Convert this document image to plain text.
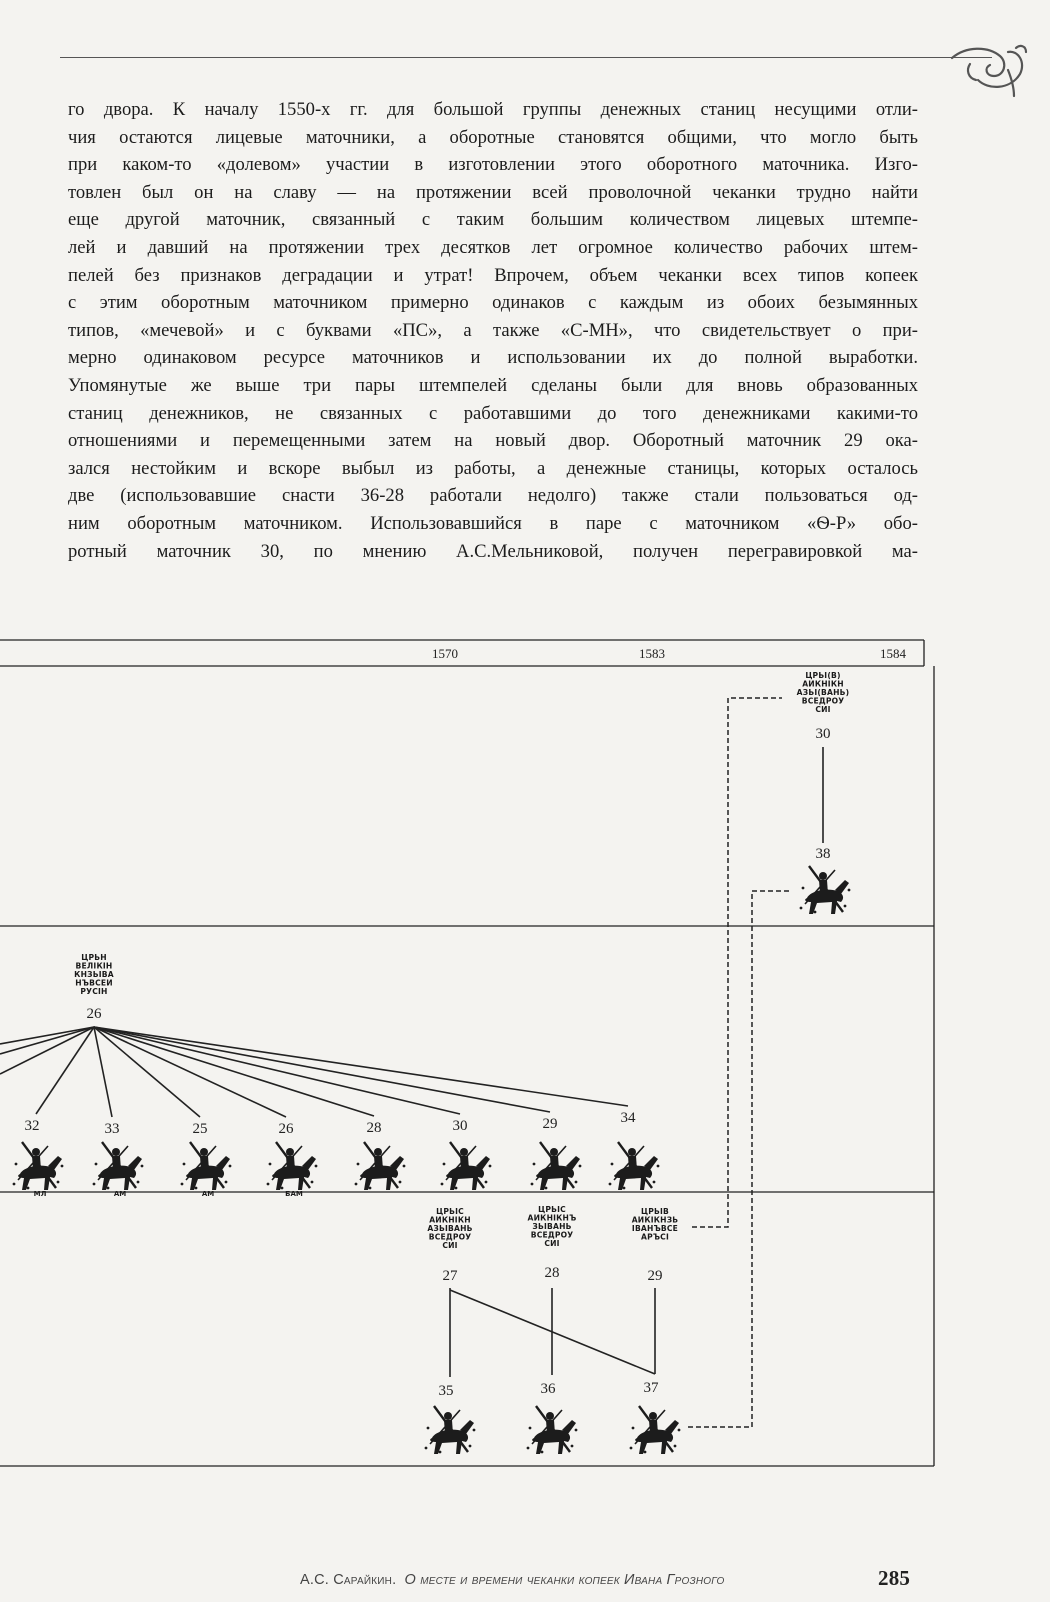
го двора. К началу 1550-х гг. для большой группы денежных станиц несущими отли-
чия остаются лицевые маточники, а оборотные становятся общими, что могло быть
при каком-то «долевом» участии в изготовлении этого оборотного маточника. Изго-
товлен был он на славу — на протяжении всей проволочной чеканки трудно найти
еще другой маточник, связанный с таким большим количеством лицевых штемпе-
лей и давший на протяжении трех десятков лет огромное количество рабочих штем-
пелей без признаков деградации и утрат! Впрочем, объем чеканки всех типов копеек
с этим оборотным маточником примерно одинаков с каждым из обоих безымянных
типов, «мечевой» и с буквами «ПС», а также «С-МН», что свидетельствует о при-
мерно одинаковом ресурсе маточников и использовании их до полной выработки.
Упомянутые же выше три пары штемпелей сделаны были для вновь образованных
станиц денежников, не связанных с работавшими до того денежниками какими-то
отношениями и перемещенными затем на новый двор. Оборотный маточник 29 ока-
зался нестойким и вскоре выбыл из работы, а денежные станицы, которых осталось
две (использовавшие снасти 36-28 работали недолго) также стали пользоваться од-
ним оборотным маточником. Использовавшийся в паре с маточником «Ѳ-Р» обо-
ротный маточник 30, по мнению А.С.Мельниковой, получен перегравировкой ма-
1570	1583	1584
ЦРЬІ(В)
АИКНІКН
АЗЬІ(ВАНЬ)
ВСЕДРОУ
СИІ
30
38
ЦРЬН
ВЕЛІКІН
КНЗЬІВА
НЪВСЕИ
РУСІН
26
32
МЛ
33
АМ
25
АМ
26
БАМ
28	30	29	34
ЦРЬІС
АИКНІКН
АЗЬІВАНЬ
ВСЕДРОУ
СИІ
27
ЦРЬІС
АИКНІКНЪ
ЗЬІВАНЬ
ВСЕДРОУ
СИІ
28
ЦРЬІВ
АИКІКНЗЬ
ІВАНЪВСЕ
АРЪСІ
29
35	36	37
А.С. Сарайкин. О месте и времени чеканки копеек Ивана Грозного	285
